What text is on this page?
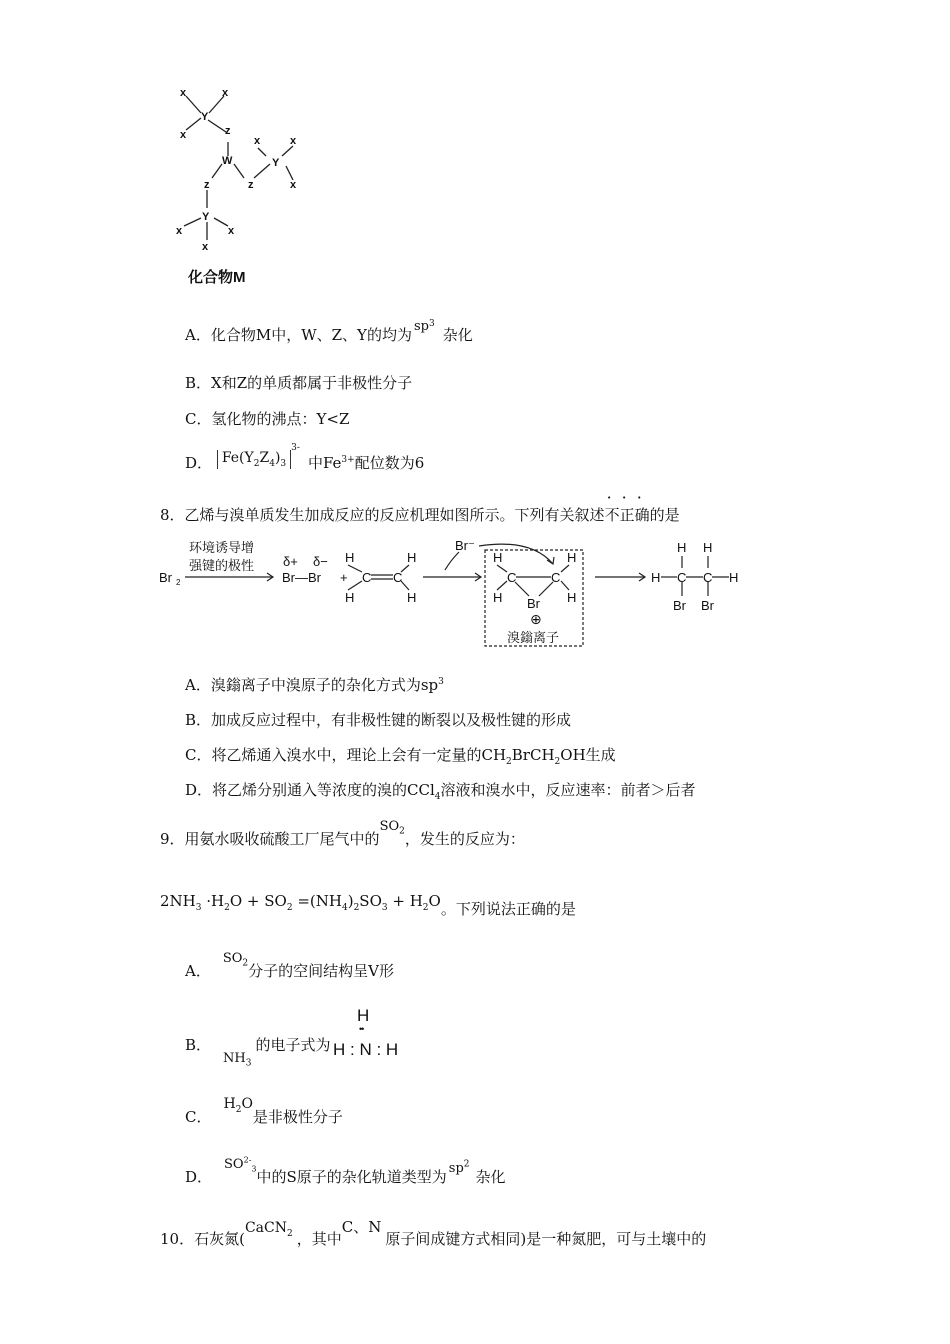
x	x
Y
x	z
x	x
W	Y
z	z	x
Y
x	x
x
化合物M
A．化合物M中，W、Z、Y的均为 $sp^3$杂化
B．X和Z的单质都属于非极性分子
C．氢化物的沸点：Y<Z
D． $Fe(Y_2Z_4)_3^{3-}$中$Fe^{3+}$配位数为6
8．乙烯与溴单质发生加成反应的反应机理如图所示。下列有关叙述
···
不正确的是
Br 2
环境诱导增
强键的极性 δ+ δ−
Br—Br +
H
H
C C
H
H
Br⁻
H
C	C
H
H	H
Br
⊕
溴鎓离子
H C C H
H H
Br Br
A．溴鎓离子中溴原子的杂化方式为$sp^3$
B．加成反应过程中，有非极性键的断裂以及极性键的形成
C．将乙烯通入溴水中，理论上会有一定量的$CH_2BrCH_2OH$生成
D．将乙烯分别通入等浓度的溴的CCl$_4$溶液和溴水中，反应速率：前者＞后者
9．用氨水吸收硫酸工厂尾气中的$SO_2$，发生的反应为：
$2NH_3 \cdot H_2O + SO_2 =(NH_4)_2SO_3 + H_2O$。下列说法正确的是
A．$SO_2$分子的空间结构呈V形
B．$NH_3$的电子式为
H
••
H : N : H
C．$H_2O$是非极性分子
D．$SO^{2-}_3$中的S原子的杂化轨道类型为 $sp^2$杂化
10．石灰氮(CaCN$_2$ ，其中C、N原子间成键方式相同)是一种氮肥，可与土壤中的
